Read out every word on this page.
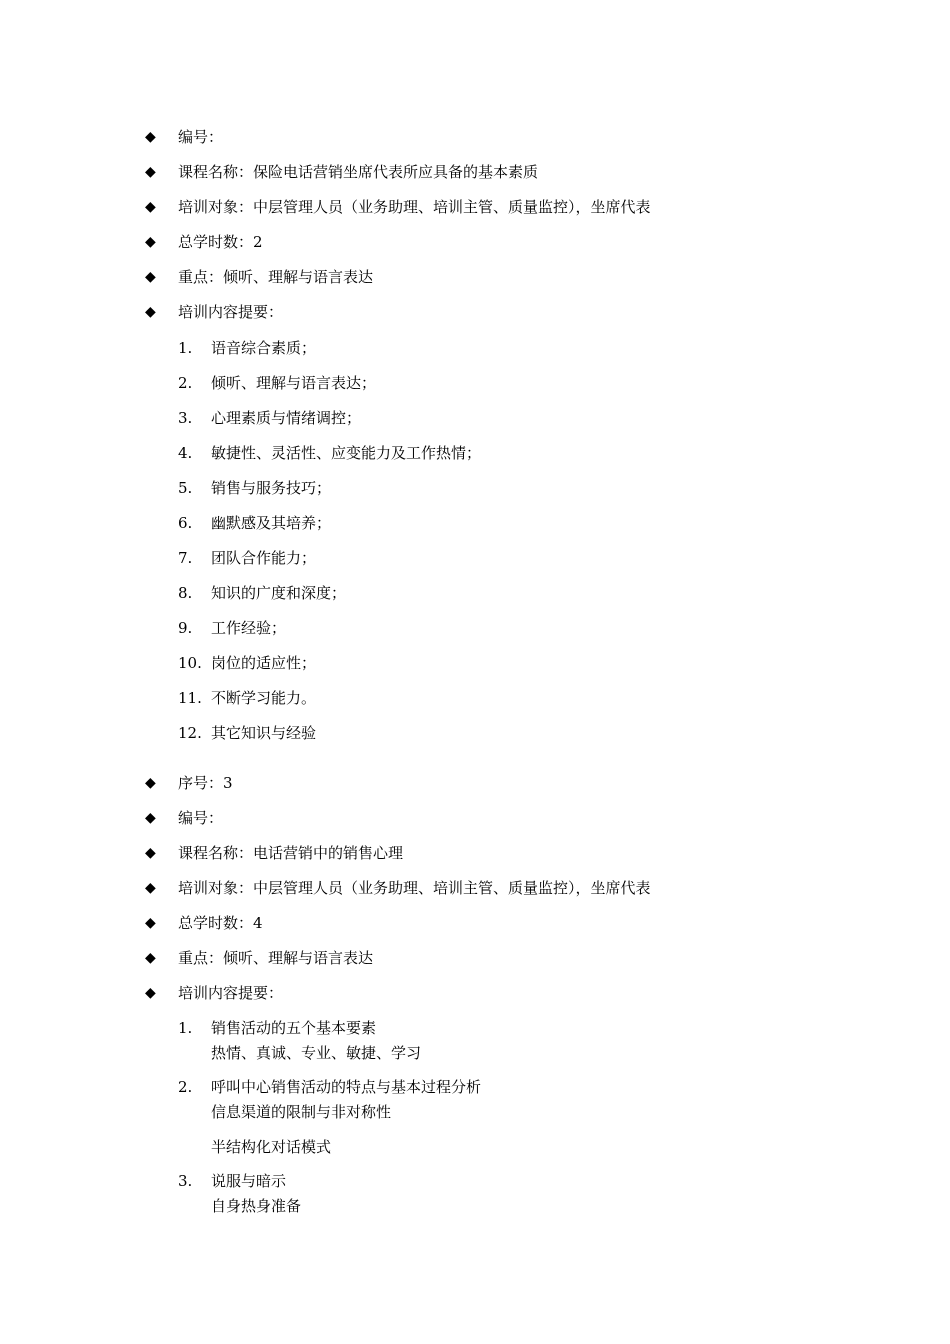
◆	编号：
◆	课程名称：保险电话营销坐席代表所应具备的基本素质
◆	培训对象：中层管理人员（业务助理、培训主管、质量监控），坐席代表
◆	总学时数：2
◆	重点：倾听、理解与语言表达
◆	培训内容提要：
1. 语音综合素质；
2. 倾听、理解与语言表达；
3. 心理素质与情绪调控；
4. 敏捷性、灵活性、应变能力及工作热情；
5. 销售与服务技巧；
6. 幽默感及其培养；
7. 团队合作能力；
8. 知识的广度和深度；
9. 工作经验；
10. 岗位的适应性；
11. 不断学习能力。
12. 其它知识与经验
◆	序号：3
◆	编号：
◆	课程名称：电话营销中的销售心理
◆	培训对象：中层管理人员（业务助理、培训主管、质量监控），坐席代表
◆	总学时数：4
◆	重点：倾听、理解与语言表达
◆	培训内容提要：
1. 销售活动的五个基本要素
热情、真诚、专业、敏捷、学习
2. 呼叫中心销售活动的特点与基本过程分析
信息渠道的限制与非对称性
半结构化对话模式
3. 说服与暗示
自身热身准备
